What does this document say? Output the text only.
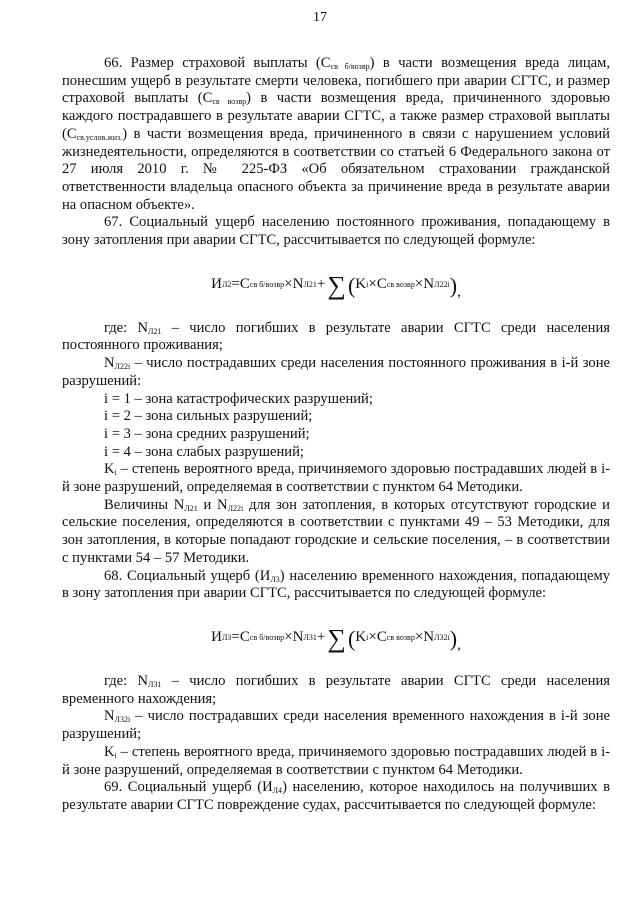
17

66. Размер страховой выплаты $(С_{св б/возвр})$ в части возмещения вреда лицам, понесшим ущерб в результате смерти человека, погибшего при аварии СГТС, и размер страховой выплаты $(С_{св возвр})$ в части возмещения вреда, причиненного здоровью каждого пострадавшего в результате аварии СГТС, а также размер страховой выплаты $(С_{св.услов.жиз.})$ в части возмещения вреда, причиненного в связи с нарушением условий жизнедеятельности, определяются в соответствии со статьей 6 Федерального закона от 27 июля 2010 г. № 225-ФЗ «Об обязательном страховании гражданской ответственности владельца опасного объекта за причинение вреда в результате аварии на опасном объекте».

67. Социальный ущерб населению постоянного проживания, попадающему в зону затопления при аварии СГТС, рассчитывается по следующей формуле:

И Л2 = С св б/возвр × N Л21 + ∑ ( K i × С св возвр × N Л22i ) ,

где: $N_{Л21}$ – число погибших в результате аварии СГТС среди населения постоянного проживания;

$N_{Л22i}$ – число пострадавших среди населения постоянного проживания в i-й зоне разрушений:

i = 1 – зона катастрофических разрушений;

i = 2 – зона сильных разрушений;

i = 3 – зона средних разрушений;

i = 4 – зона слабых разрушений;

$K_i$ – степень вероятного вреда, причиняемого здоровью пострадавших людей в i-й зоне разрушений, определяемая в соответствии с пунктом 64 Методики.

Величины $N_{Л21}$ и $N_{Л22i}$ для зон затопления, в которых отсутствуют городские и сельские поселения, определяются в соответствии с пунктами 49 – 53 Методики, для зон затопления, в которые попадают городские и сельские поселения, – в соответствии с пунктами 54 – 57 Методики.

68. Социальный ущерб $(И_{Л3})$ населению временного нахождения, попадающему в зону затопления при аварии СГТС, рассчитывается по следующей формуле:

И Л3 = С св б/возвр × N Л31 + ∑ ( K i × С св возвр × N Л32i ) ,

где: $N_{Л31}$ – число погибших в результате аварии СГТС среди населения временного нахождения;

$N_{Л32i}$ – число пострадавших среди населения временного нахождения в i-й зоне разрушений;

$K_i$ – степень вероятного вреда, причиняемого здоровью пострадавших людей в i-й зоне разрушений, определяемая в соответствии с пунктом 64 Методики.

69. Социальный ущерб $(И_{Л4})$ населению, которое находилось на получивших в результате аварии СГТС повреждение судах, рассчитывается по следующей формуле:
